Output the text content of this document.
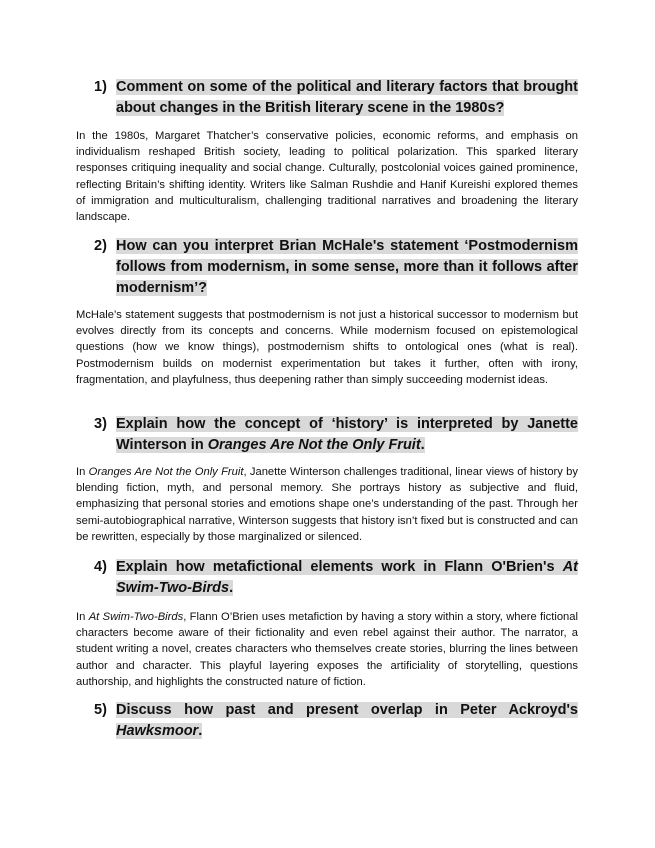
1) Comment on some of the political and literary factors that brought about changes in the British literary scene in the 1980s?

In the 1980s, Margaret Thatcher’s conservative policies, economic reforms, and emphasis on individualism reshaped British society, leading to political polarization. This sparked literary responses critiquing inequality and social change. Culturally, postcolonial voices gained prominence, reflecting Britain’s shifting identity. Writers like Salman Rushdie and Hanif Kureishi explored themes of immigration and multiculturalism, challenging traditional narratives and broadening the literary landscape.

2) How can you interpret Brian McHale's statement ‘Postmodernism follows from modernism, in some sense, more than it follows after modernism’?

McHale’s statement suggests that postmodernism is not just a historical successor to modernism but evolves directly from its concepts and concerns. While modernism focused on epistemological questions (how we know things), postmodernism shifts to ontological ones (what is real). Postmodernism builds on modernist experimentation but takes it further, often with irony, fragmentation, and playfulness, thus deepening rather than simply succeeding modernist ideas.

3) Explain how the concept of ‘history’ is interpreted by Janette Winterson in Oranges Are Not the Only Fruit.

In Oranges Are Not the Only Fruit, Janette Winterson challenges traditional, linear views of history by blending fiction, myth, and personal memory. She portrays history as subjective and fluid, emphasizing that personal stories and emotions shape one’s understanding of the past. Through her semi-autobiographical narrative, Winterson suggests that history isn’t fixed but is constructed and can be rewritten, especially by those marginalized or silenced.

4) Explain how metafictional elements work in Flann O'Brien's At Swim-Two-Birds.

In At Swim-Two-Birds, Flann O’Brien uses metafiction by having a story within a story, where fictional characters become aware of their fictionality and even rebel against their author. The narrator, a student writing a novel, creates characters who themselves create stories, blurring the lines between author and character. This playful layering exposes the artificiality of storytelling, questions authorship, and highlights the constructed nature of fiction.

5) Discuss how past and present overlap in Peter Ackroyd's Hawksmoor.
